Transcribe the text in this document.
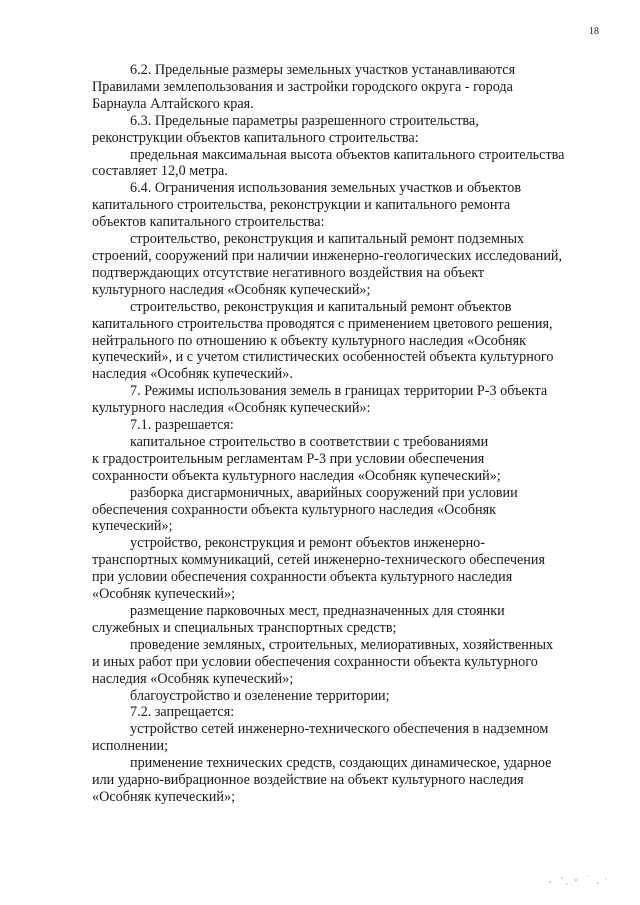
18

6.2. Предельные размеры земельных участков устанавливаются
Правилами землепользования и застройки городского округа - города
Барнаула Алтайского края.

6.3. Предельные параметры разрешенного строительства,
реконструкции объектов капитального строительства:

предельная максимальная высота объектов капитального строительства
составляет 12,0 метра.

6.4. Ограничения использования земельных участков и объектов
капитального строительства, реконструкции и капитального ремонта
объектов капитального строительства:

строительство, реконструкция и капитальный ремонт подземных
строений, сооружений при наличии инженерно-геологических исследований,
подтверждающих отсутствие негативного воздействия на объект
культурного наследия «Особняк купеческий»;

строительство, реконструкция и капитальный ремонт объектов
капитального строительства проводятся с применением цветового решения,
нейтрального по отношению к объекту культурного наследия «Особняк
купеческий», и с учетом стилистических особенностей объекта культурного
наследия «Особняк купеческий».

7. Режимы использования земель в границах территории Р-3 объекта
культурного наследия «Особняк купеческий»:

7.1. разрешается:

капитальное строительство в соответствии с требованиями
к градостроительным регламентам Р-3 при условии обеспечения
сохранности объекта культурного наследия «Особняк купеческий»;

разборка дисгармоничных, аварийных сооружений при условии
обеспечения сохранности объекта культурного наследия «Особняк
купеческий»;

устройство, реконструкция и ремонт объектов инженерно-
транспортных коммуникаций, сетей инженерно-технического обеспечения
при условии обеспечения сохранности объекта культурного наследия
«Особняк купеческий»;

размещение парковочных мест, предназначенных для стоянки
служебных и специальных транспортных средств;

проведение земляных, строительных, мелиоративных, хозяйственных
и иных работ при условии обеспечения сохранности объекта культурного
наследия «Особняк купеческий»;

благоустройство и озеленение территории;

7.2. запрещается:

устройство сетей инженерно-технического обеспечения в надземном
исполнении;

применение технических средств, создающих динамическое, ударное
или ударно-вибрационное воздействие на объект культурного наследия
«Особняк купеческий»;
